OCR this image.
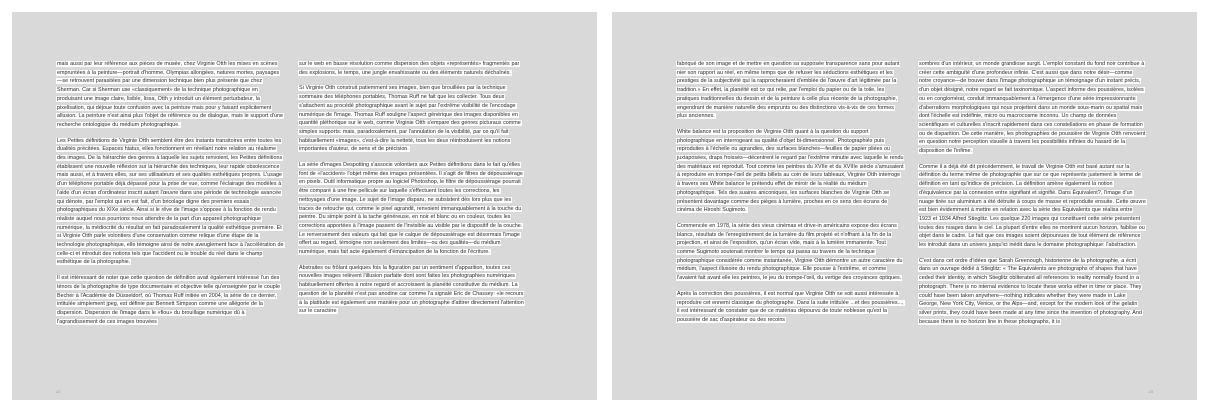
mais aussi par leur référence aux pièces de musée, chez Virginie Otth les mises en scènes empruntées à la peinture—portrait d'homme, Olympias allongées, natures mortes, paysages—se retrouvent parasitées par une dimension technique bien plus présente que chez Sherman. Car si Sherman use «classiquement» de la technique photographique en produisant une image claire, lisible, lissa, Otth y introduit un élément perturbateur, la pixelisation, qui déjoue toute confusion avec la peinture mais pour y faisant explicitement allusion. La peinture n'est ainsi plus l'objet de référence ou de dialogue, mais le support d'une recherche ontologique du médium photographique.

Les Petites définitions de Virginie Otth semblent être des instants transitoires entre toutes les dualités précitées. Espaces hiatus, elles fonctionnent en révélant notre relation au réalisme des images. De la hiérarchie des genres à laquelle les sujets renvoient, les Petites définitions établissent une nouvelle réflexion sur la hiérarchie des techniques, leur rapide obsolescence mais aussi, et à travers elles, sur ses utilisateurs et ses qualités esthétiques propres. L'usage d'un téléphone portable déjà dépassé pour la prise de vue, comme l'éclairage des modèles à l'aide d'un écran d'ordinateur inscrit autant l'œuvre dans une période de technologie avancée qui dénote, par l'emploi qui en est fait, d'un bricolage digne des premiers essais photographiques du XIXe siècle. Ainsi si le rêve de l'image s'oppose à la fonction de rendu réaliste auquel nous pourrions nous attendre de la part d'un appareil photographique numérique, la médiocrité du résultat en fait paradoxalement la qualité esthétique première. Et si Virginie Otth parle volontiers d'une conservation comme relique d'une étape de la technologie photographique, elle témoigne ainsi de notre aveuglement face à l'accélération de celle-ci et introduit des notions tels que l'accident ou le trouble du réel dans le champ esthétique de la photographie.

Il est intéressant de noter que cette question de définition avait également intéressé l'un des ténors de la photographie de type documentaire et objective telle qu'enseignée par le couple Becher à l'Académie de Düsseldorf, où Thomas Ruff initiée en 2004, la série de ce dernier, intitulée simplement jpeg, est définie par Bennett Simpson comme une allégorie de la dispersion. Dispersion de l'image dans le «flou» du brouillage numérique dû à l'agrandissement de ces images trouvées

sur le web en basse résolution comme dispersion des objets «représentés» fragmentés par des explosions, le temps, une jungle envahissante ou des éléments naturels déchaînés.

Si Virginie Otth construit patiemment ses images, bien que brouillées par la technique sommaire des téléphones portables, Thomas Ruff ne fait que les collecter. Tous deux s'attachent au procédé photographique avant le sujet par l'extrême visibilité de l'encodage numérique de l'image. Thomas Ruff souligne l'aspect générique des images disponibles en quantité pléthorique sur le web, comme Virginie Otth s'empare des genres picturaux comme simples supports: mais, paradoxalement, par l'annulation de la visibilité, par ce qu'il fait habituellement «images», c'est-à-dire la netteté, tous les deux réintroduisent les notions importantes d'auteur, de sens et de précision.

La série d'images Despotting s'associe volontiers aux Petites définitions dans le fait qu'elles font de «l'accident» l'objet même des images présentées. Il s'agit de filtres de dépoussiérage en pixels. Outil informatique propre au logiciel Photoshop, le filtre de dépoussiérage pourrait être comparé à une fine pellicule sur laquelle s'effectuent toutes les corrections, les nettoyages d'une image. Le sujet de l'image disparu, ne subsistent dès lors plus que les traces de retouche qui, comme le pixel agrandit, renvoient immanquablement à la touche du peintre. Du simple point à la tache généreuse, en noir et blanc ou en couleur, toutes les corrections apportées à l'image passent de l'invisible au visible par le dispositif de la couche. Le renversement des valeurs qui fait que le calque de dépoussiérage est désormais l'image offert au regard, témoigne non seulement des limites—ou des qualités—du médium numérique, mais fait acte également d'émancipation de la fonction de l'écriture.

Abstraites ou frôlant quelques fois la figuration par un sentiment d'apparition, toutes ces nouvelles images relèvent l'illusion parfaite dont sont faites les photographies numériques habituellement offertes à notre regard et accroissent la planéité constitutive du médium. La question de la planéité n'est pas anodine car comme l'a signalé Eric de Chassey: «le recours à la platitude est également une manière pour un photographe d'attirer directement l'attention sur le caractère

22

fabriqué de son image et de mettre en question sa supposée transparence sans pour autant nier son rapport au réel, en même temps que de refuser les séductions esthétiques et les prestiges de la subjectivité qui la rapprocheraient d'emblée de l'œuvre d'art légitimée par la tradition.» En effet, la planéité est ce qui relie, par l'emploi du papier ou de la toile, les pratiques traditionnelles du dessin et de la peinture à celle plus récente de la photographie, engendrant de manière naturelle des emprunts ou des distinctions vis-à-vis de ces formes plus anciennes.

White balance est la proposition de Virginie Otth quant à la question du support photographique en interrogeant sa qualité d'objet bi-dimensionnel. Photographiés puis reproduites à l'échelle ou agrandies, des surfaces blanches—feuilles de papier pliées ou juxtaposées, draps froissés—décentrent le regard par l'extrême minutie avec laquelle le rendu des matériaux est reproduit. Tout comme les peintres du XVIIe et du XVIIIe siècle s'amusaient à reproduire en trompe-l'œil de petits billets au coin de leurs tableaux, Virginie Otth interroge à travers ses White balance le prétendu effet de miroir de la réalité du médium photographique. Tels des suaires aniconiques, les surfaces blanches de Virginie Otth se présentent davantage comme des pièges à lumière, proches en ce sens des écrans de cinéma de Hiroshi Sugimoto.

Commencée en 1978, la série des vieux cinémas et drive-in américains expose des écrans blancs, résultats de l'enregistrement de la lumière du film projeté et n'offrant à la fin de la projection, et ainsi de l'exposition, qu'un écran vide, mais à la lumière immanente. Tout comme Sugimoto soutenait montrer le temps qui passa au travers de la technique photographique considérée comme instantanée, Virginie Otth démontre un autre caractère du médium, l'aspect illusoire du rendu photographique. Elle pousse à l'extrême, et comme l'avaient fait avant elle les peintres, le jeu du trompe-l'œil, du vertige des croyances optiques.

Après la correction des poussières, il est normal que Virginie Otth se soit aussi intéressée à reproduire cet ennemi classique du photographe. Dans la suite intitulée ...et des poussières..., il est intéressant de constater que de ce matériau dépourvu de toute noblesse qu'est la poussière de sac d'aspirateur ou des recoins

sombres d'un intérieur, un monde grandiose surgit. L'emploi constant du fond noir contribue à créer cette ambiguïté d'une profondeur infinie. C'est aussi que dans notre désir—comme notre croyance—de trouver dans l'image photographique un témoignage d'un instant précis, d'un objet désigné, notre regard se fait taxinomique. L'aspect informe des poussières, isolées ou en conglomérat, conduit immanquablement à l'émergence d'une série impressionnante d'aberrations morphologiques qui nous projettent dans un monde sous-marin ou spatial mais dont l'échelle est indéfinie, micro ou macrocosme inconnu. Un champ de données scientifiques et culturelles s'inscrit rapidement dans ces constellations en phase de formation ou de disparition. De cette manière, les photographies de poussière de Virginie Otth renvoient en question notre perception visuelle à travers les possibilités infinies du hasard de la disposition de l'infime.

Comme il a déjà été dit précédemment, le travail de Virginie Otth est basé autant sur la définition du terme même de photographie que sur ce que représente justement le terme de définition en tant qu'indice de précision. La définition amène également la notion d'équivalence par la connexion entre signifiant et signifié. Dans Équivalent?, l'image d'un nuage tirée sur aluminium a été détruite à coups de masse et reproduite ensuite. Cette œuvre est bien évidemment à mettre en relation avec la série des Equivalents que réalisa entre 1923 et 1934 Alfred Stieglitz. Les quelque 220 images qui constituent cette série présentent toutes des nuages dans le ciel. La plupart d'entre elles ne montrent aucun horizon, faiblise ou objet dans le cadre. Le fait que ces images soient dépourvues de tout élément de référence les introduit dans un univers jusqu'ici inédit dans le domaine photographique: l'abstraction.

C'est dans cet ordre d'idées que Sarah Greenough, historienne de la photographie, a écrit dans un ouvrage dédié à Stieglitz: « The Equivalents are photographs of shapes that have ceded their identity, in which Stieglitz obliterated all references to reality normally found in a photograph. There is no internal evidence to locate these works either in time or place. They could have been taken anywhere—nothing indicates whether they were made in Lake George, New York City, Venice, or the Alps—and, except for the modern look of the gelatin silver prints, they could have been made at any time since the invention of photography. And because there is no horizon line in these photographs, it is

23
